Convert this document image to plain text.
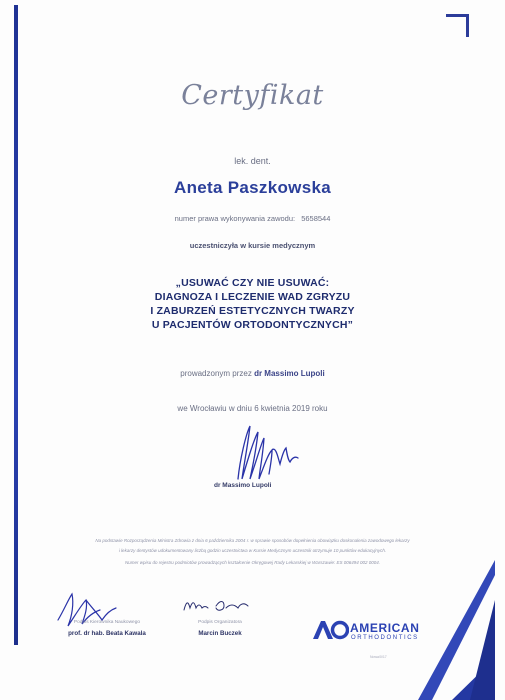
Certyfikat
lek. dent.
Aneta Paszkowska
numer prawa wykonywania zawodu: 5658544
uczestniczyła w kursie medycznym
„USUWAĆ CZY NIE USUWAĆ:
DIAGNOZA I LECZENIE WAD ZGRYZU
I ZABURZEŃ ESTETYCZNYCH TWARZY
U PACJENTÓW ORTODONTYCZNYCH”
prowadzonym przez dr Massimo Lupoli
we Wrocławiu w dniu 6 kwietnia 2019 roku
dr Massimo Lupoli
Na podstawie Rozporządzenia Ministra Zdrowia z dnia 6 października 2004 r. w sprawie sposobów dopełnienia obowiązku doskonalenia zawodowego lekarzy
i lekarzy dentystów udokumentowany liczbą godzin uczestnictwa w Kursie Medycznym uczestnik otrzymuje 10 punktów edukacyjnych.
Numer wpisu do rejestru podmiotów prowadzących kształcenie Okręgowej Rady Lekarskiej w Warszawie: ES 006494 002 0004.
Podpis Kierownika Naukowego
prof. dr hab. Beata Kawala
Podpis Organizatora
Marcin Buczek	AMERICAN
ORTHODONTICS
Nowa/0/17
